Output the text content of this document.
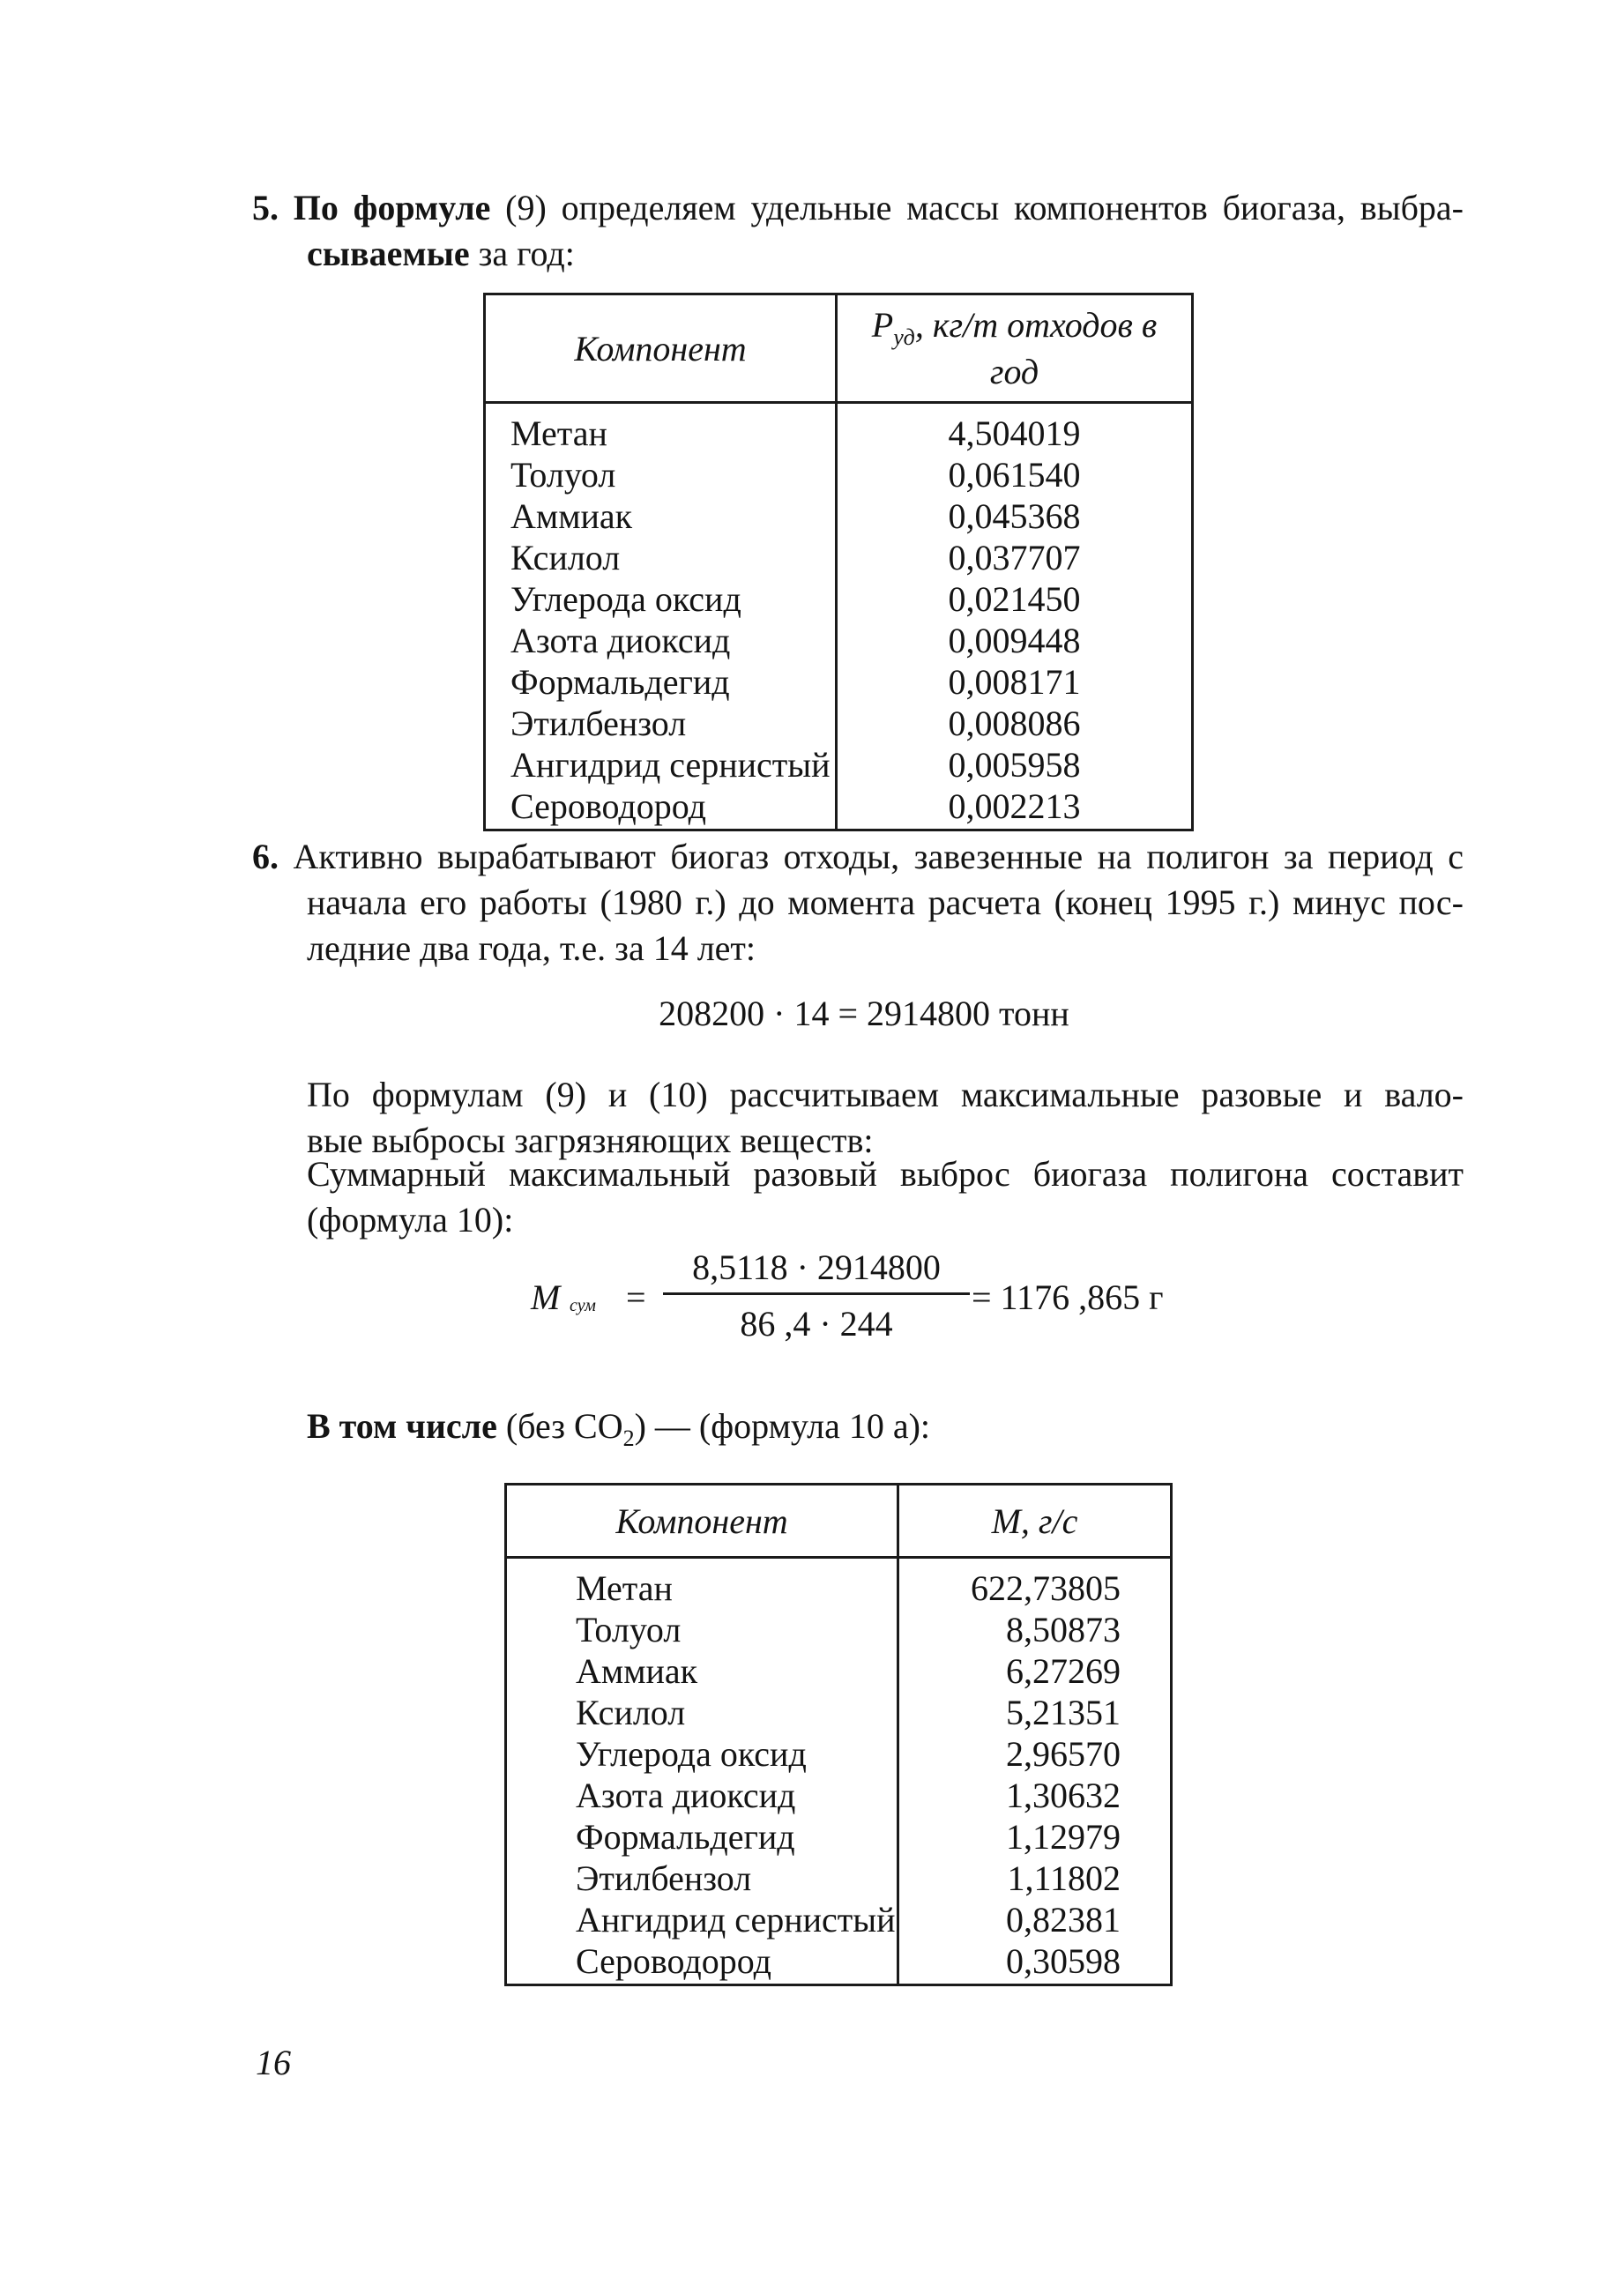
5. По формуле (9) определяем удельные массы компонентов биогаза, выбра-
сываемые за год:
Компонент	$P_{уд}$, кг/т отходов в год
Метан	4,504019
Толуол	0,061540
Аммиак	0,045368
Ксилол	0,037707
Углерода оксид	0,021450
Азота диоксид	0,009448
Формальдегид	0,008171
Этилбензол	0,008086
Ангидрид сернистый	0,005958
Сероводород	0,002213
6. Активно вырабатывают биогаз отходы, завезенные на полигон за период с
начала его работы (1980 г.) до момента расчета (конец 1995 г.) минус пос-
ледние два года, т.е. за 14 лет:
208200 · 14 = 2914800 тонн
По формулам (9) и (10) рассчитываем максимальные разовые и вало-
вые выбросы загрязняющих веществ:
Суммарный максимальный разовый выброс биогаза полигона составит
(формула 10):
M сум =
8,5118 · 2914800
86 ,4 · 244
= 1176 ,865 г
В том числе (без $CO_2$) — (формула 10 а):
Компонент	M, г/с
Метан	622,73805
Толуол	8,50873
Аммиак	6,27269
Ксилол	5,21351
Углерода оксид	2,96570
Азота диоксид	1,30632
Формальдегид	1,12979
Этилбензол	1,11802
Ангидрид сернистый	0,82381
Сероводород	0,30598
16
